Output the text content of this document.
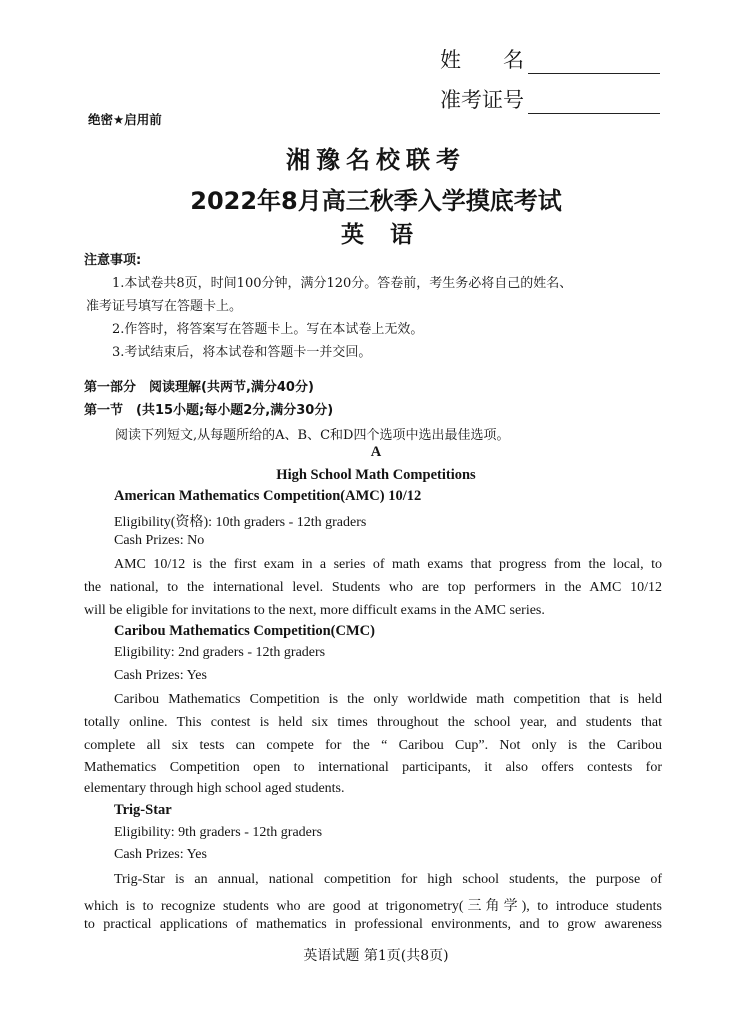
姓　　名
准考证号
绝密★启用前
湘豫名校联考
2022年8月高三秋季入学摸底考试
英语
注意事项:
1.本试卷共8页，时间100分钟，满分120分。答卷前，考生务必将自己的姓名、
准考证号填写在答题卡上。
2.作答时，将答案写在答题卡上。写在本试卷上无效。
3.考试结束后，将本试卷和答题卡一并交回。
第一部分　阅读理解(共两节,满分40分)
第一节　(共15小题;每小题2分,满分30分)
阅读下列短文,从每题所给的A、B、C和D四个选项中选出最佳选项。
A
High School Math Competitions
American Mathematics Competition(AMC) 10/12
Eligibility(资格): 10th graders - 12th graders
Cash Prizes: No
AMC 10/12 is the first exam in a series of math exams that progress from the local, to
the national, to the international level. Students who are top performers in the AMC 10/12
will be eligible for invitations to the next, more difficult exams in the AMC series.
Caribou Mathematics Competition(CMC)
Eligibility: 2nd graders - 12th graders
Cash Prizes: Yes
Caribou Mathematics Competition is the only worldwide math competition that is held
totally online. This contest is held six times throughout the school year, and students that
complete all six tests can compete for the “ Caribou Cup”. Not only is the Caribou
Mathematics Competition open to international participants, it also offers contests for
elementary through high school aged students.
Trig-Star
Eligibility: 9th graders - 12th graders
Cash Prizes: Yes
Trig-Star is an annual, national competition for high school students, the purpose of
which is to recognize students who are good at trigonometry(三角学), to introduce students
to practical applications of mathematics in professional environments, and to grow awareness
英语试题 第1页(共8页)
